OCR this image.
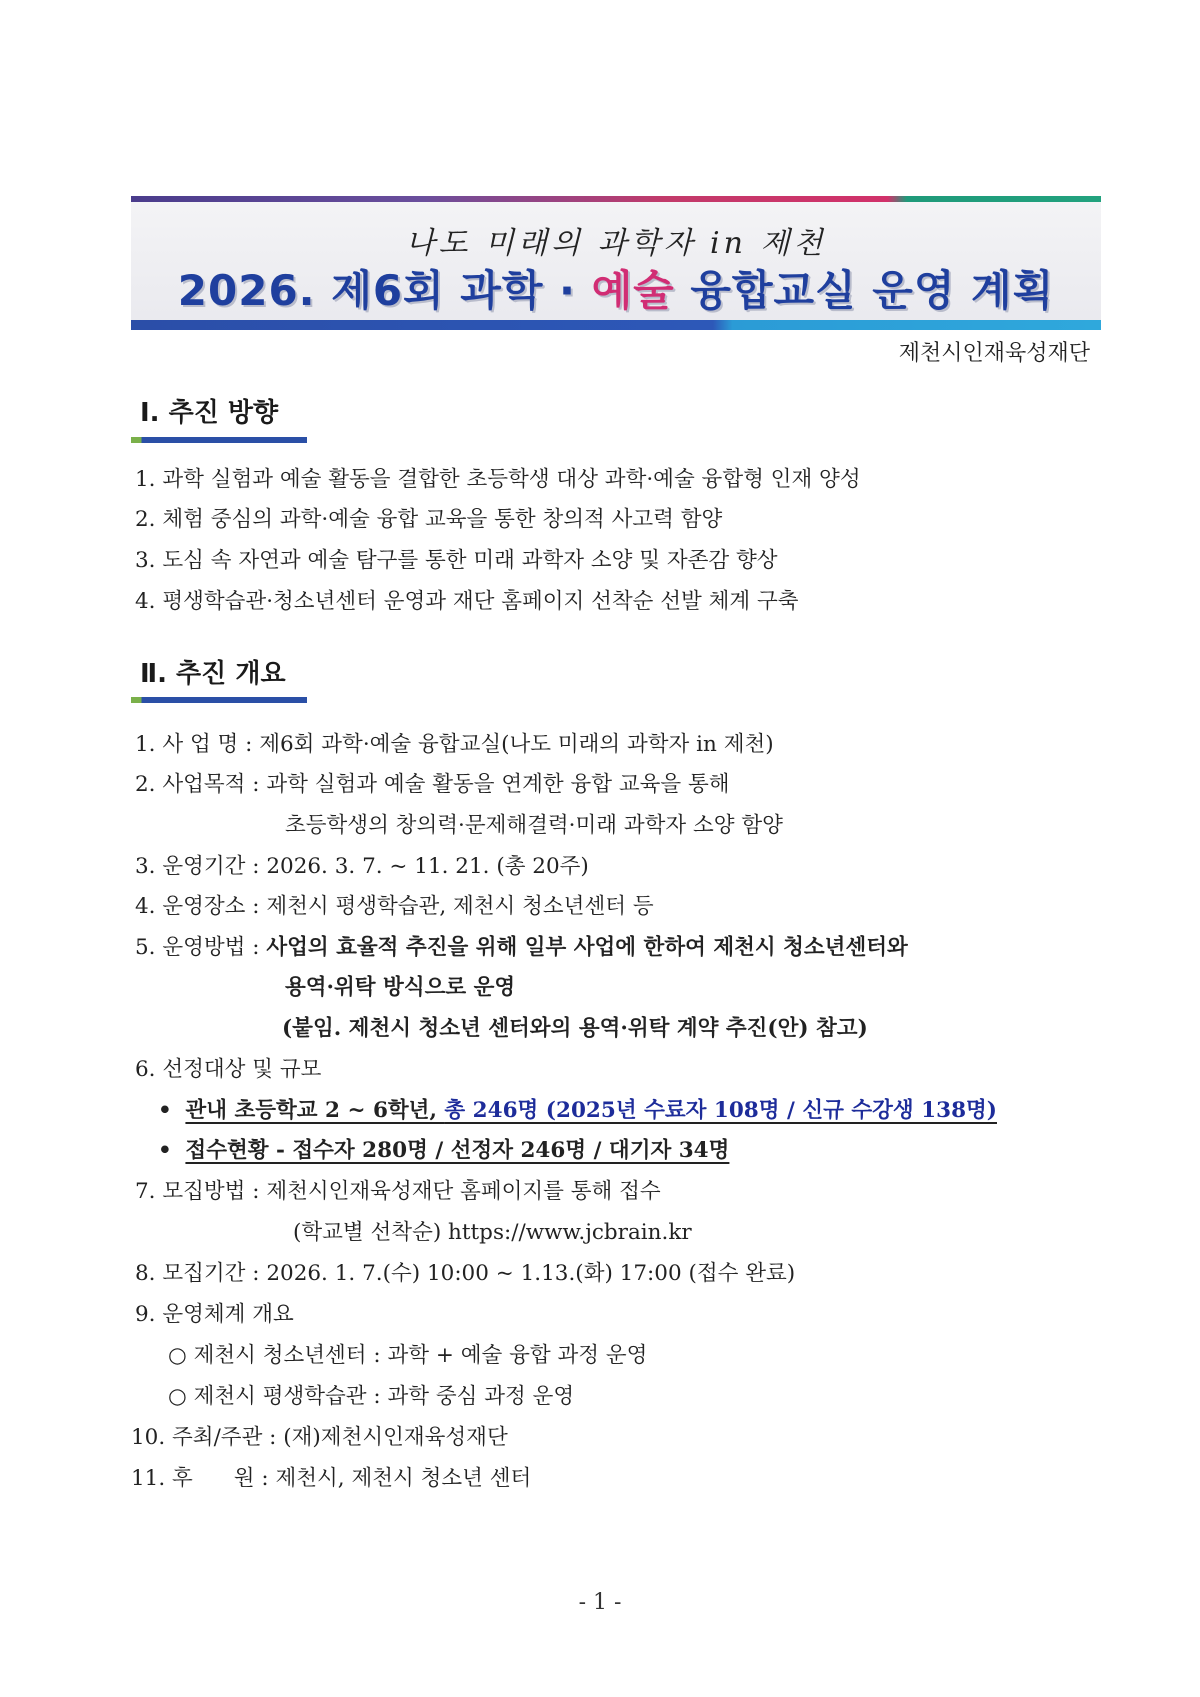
나도 미래의 과학자 in 제천
2026. 제6회 과학 · 예술 융합교실 운영 계획
제천시인재육성재단
Ⅰ. 추진 방향
1. 과학 실험과 예술 활동을 결합한 초등학생 대상 과학·예술 융합형 인재 양성
2. 체험 중심의 과학·예술 융합 교육을 통한 창의적 사고력 함양
3. 도심 속 자연과 예술 탐구를 통한 미래 과학자 소양 및 자존감 향상
4. 평생학습관·청소년센터 운영과 재단 홈페이지 선착순 선발 체계 구축
Ⅱ. 추진 개요
1. 사 업 명 : 제6회 과학·예술 융합교실(나도 미래의 과학자 in 제천)
2. 사업목적 : 과학 실험과 예술 활동을 연계한 융합 교육을 통해
초등학생의 창의력·문제해결력·미래 과학자 소양 함양
3. 운영기간 : 2026. 3. 7. ~ 11. 21. (총 20주)
4. 운영장소 : 제천시 평생학습관, 제천시 청소년센터 등
5. 운영방법 : 사업의 효율적 추진을 위해 일부 사업에 한하여 제천시 청소년센터와
용역·위탁 방식으로 운영
(붙임. 제천시 청소년 센터와의 용역·위탁 계약 추진(안) 참고)
6. 선정대상 및 규모
• 관내 초등학교 2 ~ 6학년, 총 246명 (2025년 수료자 108명 / 신규 수강생 138명)
• 접수현황 - 접수자 280명 / 선정자 246명 / 대기자 34명
7. 모집방법 : 제천시인재육성재단 홈페이지를 통해 접수
(학교별 선착순) https://www.jcbrain.kr
8. 모집기간 : 2026. 1. 7.(수) 10:00 ~ 1.13.(화) 17:00 (접수 완료)
9. 운영체계 개요
○ 제천시 청소년센터 : 과학 + 예술 융합 과정 운영
○ 제천시 평생학습관 : 과학 중심 과정 운영
10. 주최/주관 : (재)제천시인재육성재단
11. 후      원 : 제천시, 제천시 청소년 센터
- 1 -
